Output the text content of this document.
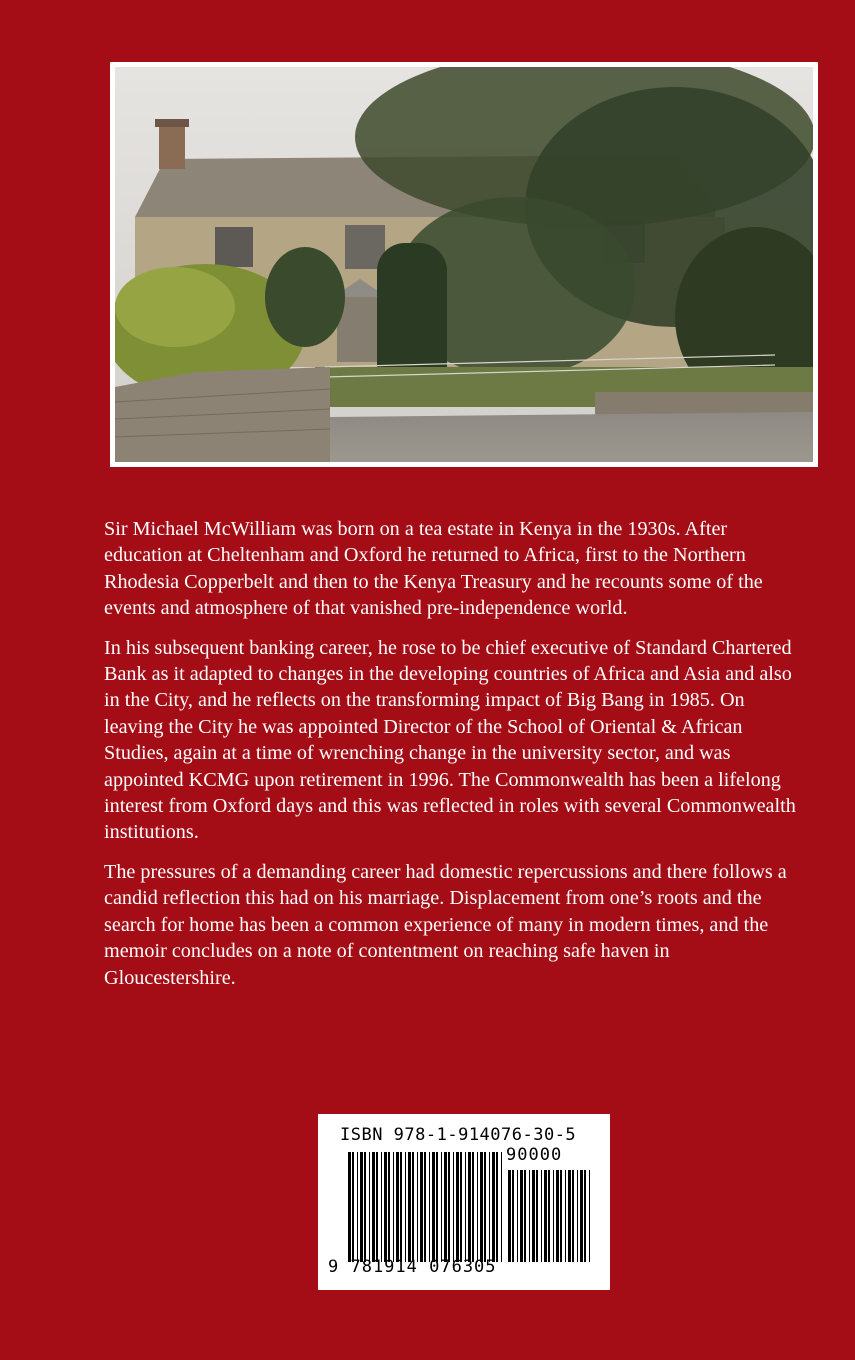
Sir Michael McWilliam was born on a tea estate in Kenya in the 1930s. After education at Cheltenham and Oxford he returned to Africa, first to the Northern Rhodesia Copperbelt and then to the Kenya Treasury and he recounts some of the events and atmosphere of that vanished pre-independence world.

In his subsequent banking career, he rose to be chief executive of Standard Chartered Bank as it adapted to changes in the developing countries of Africa and Asia and also in the City, and he reflects on the transforming impact of Big Bang in 1985. On leaving the City he was appointed Director of the School of Oriental & African Studies, again at a time of wrenching change in the university sector, and was appointed KCMG upon retirement in 1996. The Commonwealth has been a lifelong interest from Oxford days and this was reflected in roles with several Commonwealth institutions.

The pressures of a demanding career had domestic repercussions and there follows a candid reflection this had on his marriage. Displacement from one’s roots and the search for home has been a common experience of many in modern times, and the memoir concludes on a note of contentment on reaching safe haven in Gloucestershire.

ISBN 978-1-914076-30-5
90000
9 781914 076305
